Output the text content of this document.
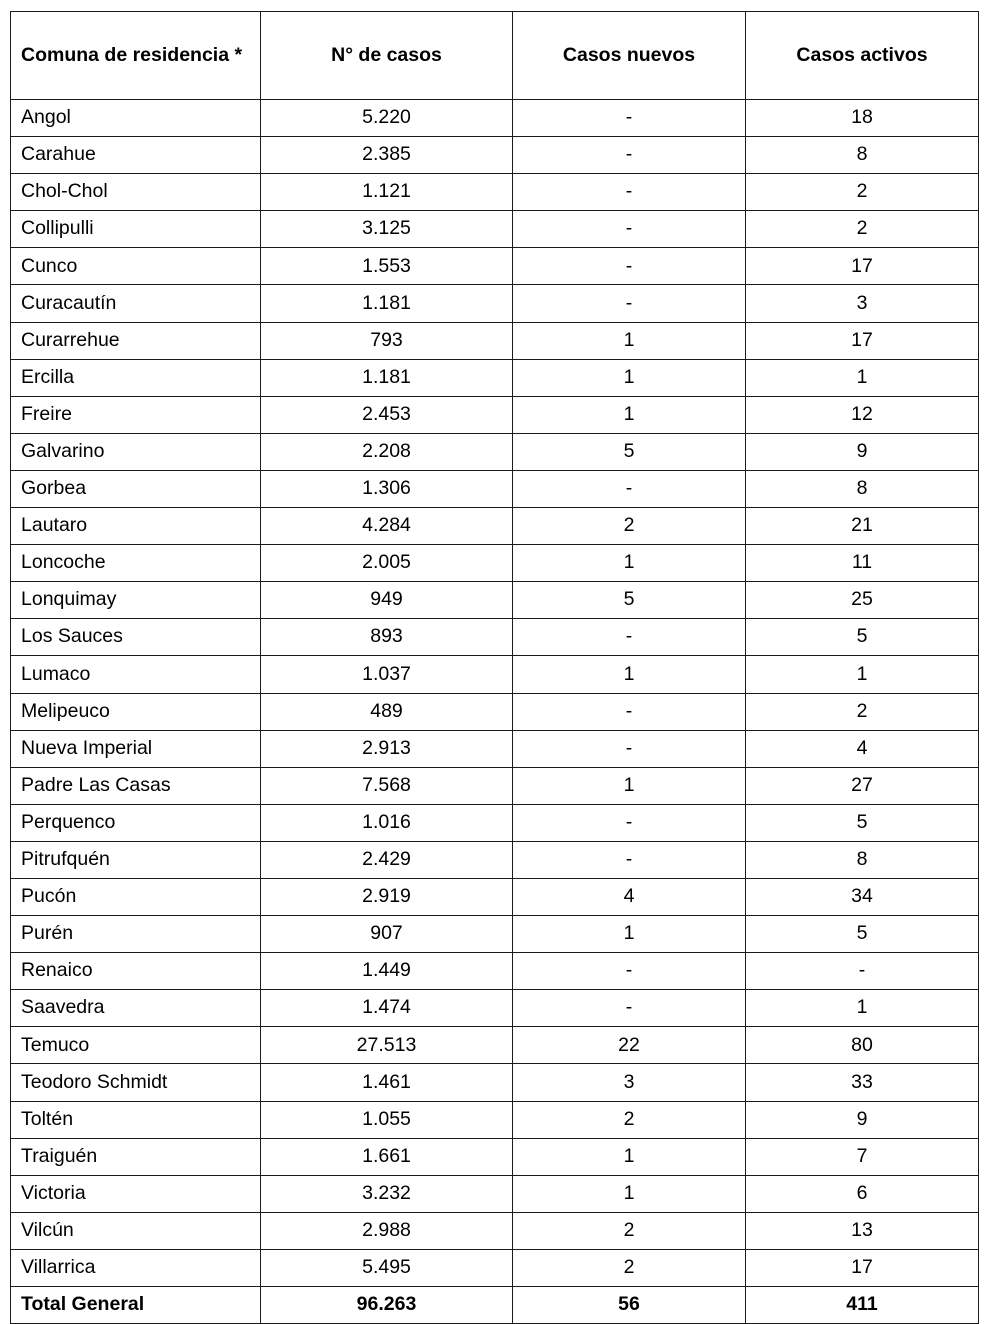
Comuna de residencia *	N° de casos	Casos nuevos	Casos activos
Angol	5.220	-	18
Carahue	2.385	-	8
Chol-Chol	1.121	-	2
Collipulli	3.125	-	2
Cunco	1.553	-	17
Curacautín	1.181	-	3
Curarrehue	793	1	17
Ercilla	1.181	1	1
Freire	2.453	1	12
Galvarino	2.208	5	9
Gorbea	1.306	-	8
Lautaro	4.284	2	21
Loncoche	2.005	1	11
Lonquimay	949	5	25
Los Sauces	893	-	5
Lumaco	1.037	1	1
Melipeuco	489	-	2
Nueva Imperial	2.913	-	4
Padre Las Casas	7.568	1	27
Perquenco	1.016	-	5
Pitrufquén	2.429	-	8
Pucón	2.919	4	34
Purén	907	1	5
Renaico	1.449	-	-
Saavedra	1.474	-	1
Temuco	27.513	22	80
Teodoro Schmidt	1.461	3	33
Toltén	1.055	2	9
Traiguén	1.661	1	7
Victoria	3.232	1	6
Vilcún	2.988	2	13
Villarrica	5.495	2	17
Total General	96.263	56	411
